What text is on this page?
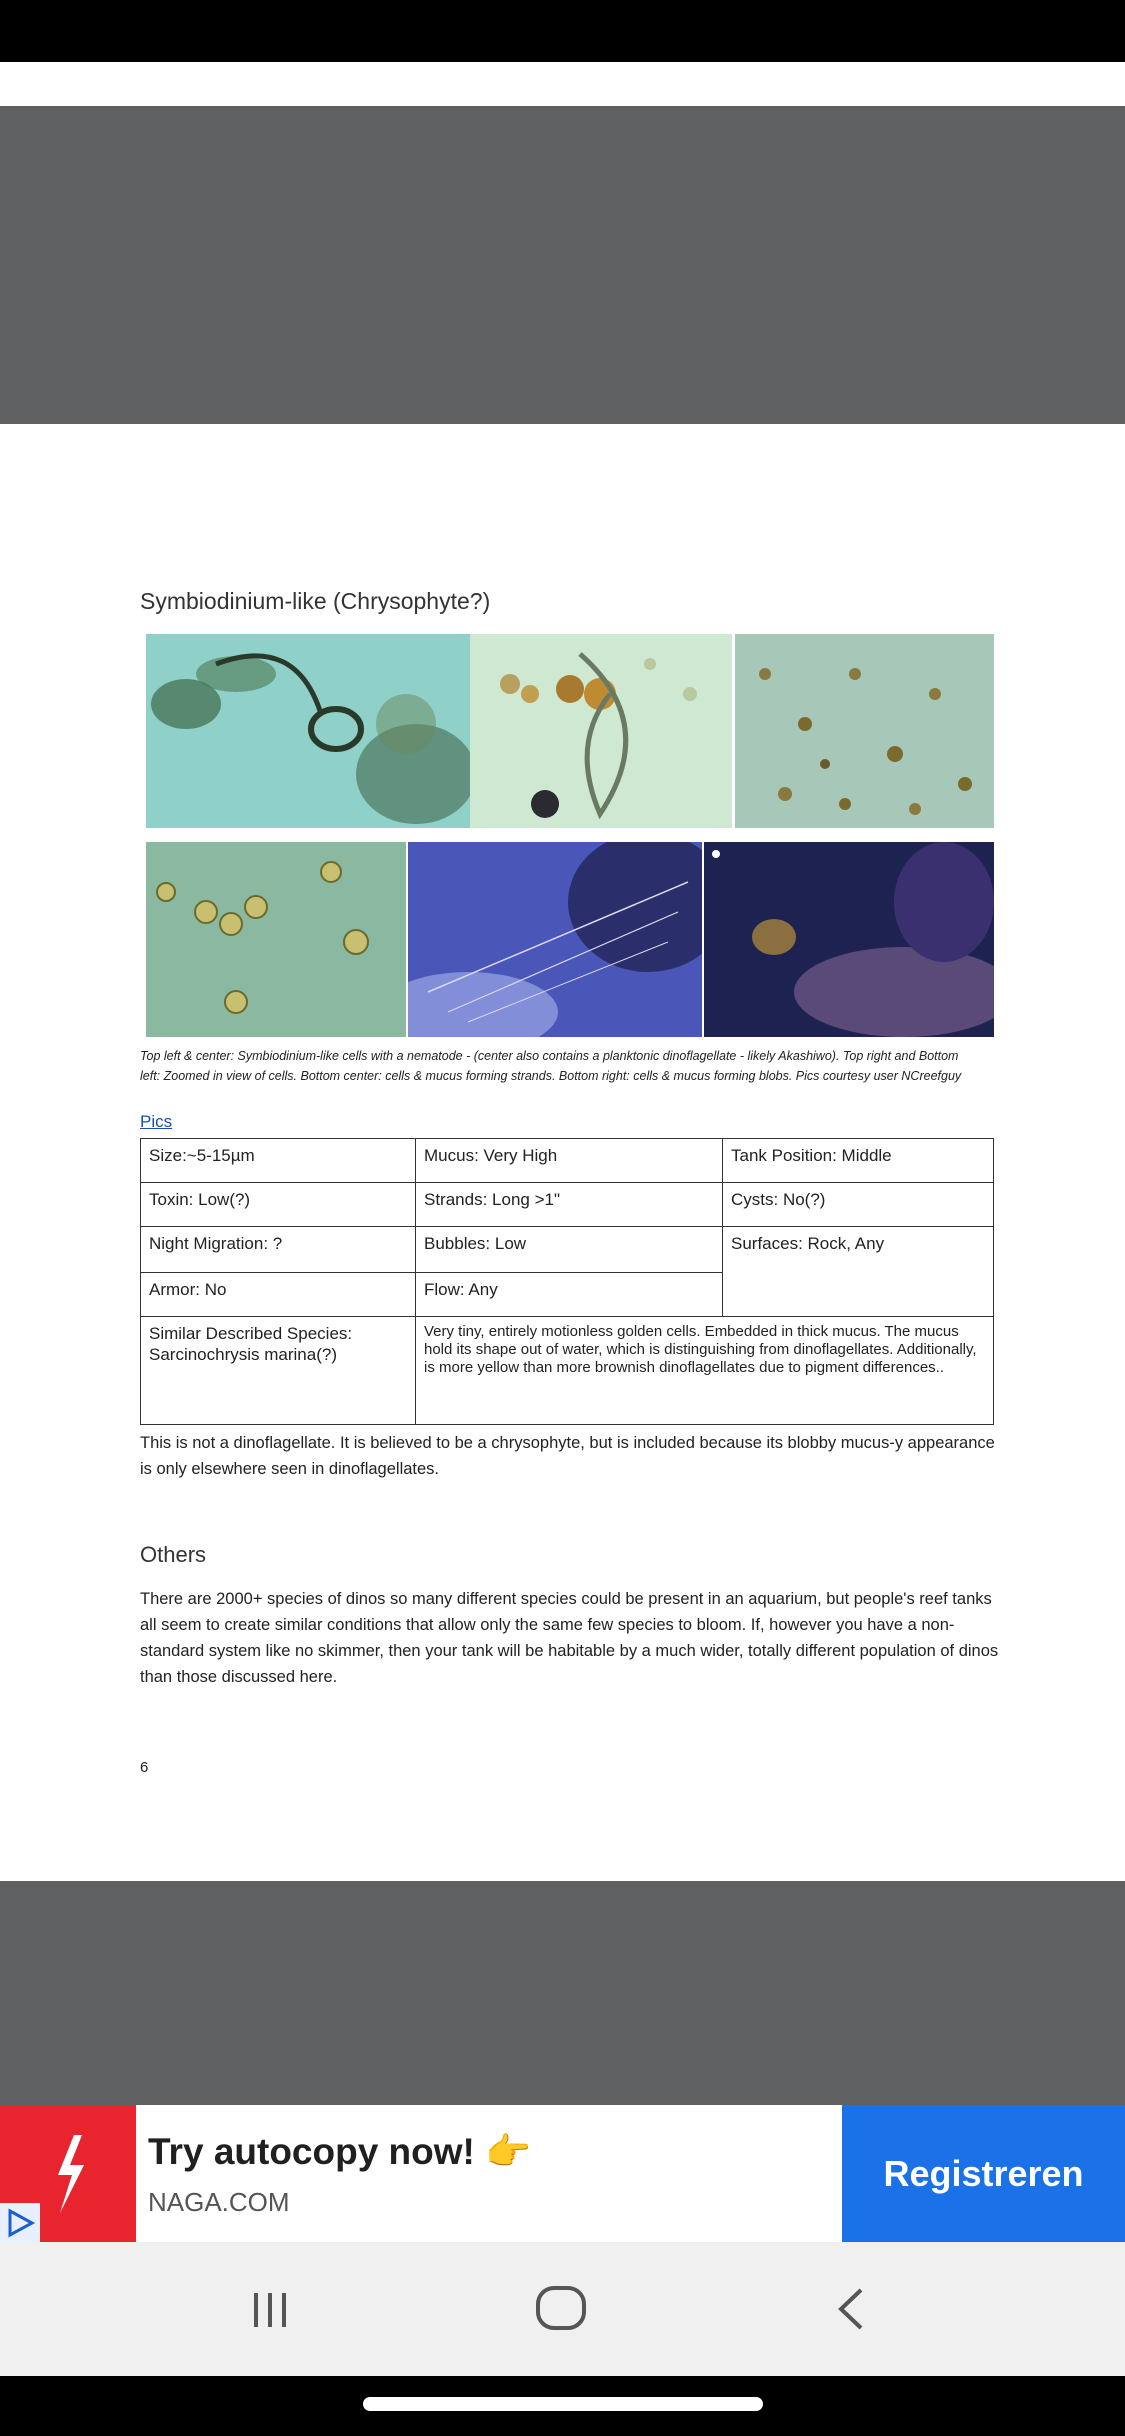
Symbiodinium-like (Chrysophyte?)
Top left & center: Symbiodinium-like cells with a nematode - (center also contains a planktonic dinoflagellate - likely Akashiwo). Top right and Bottom left: Zoomed in view of cells. Bottom center: cells & mucus forming strands. Bottom right: cells & mucus forming blobs. Pics courtesy user NCreefguy
Pics
Size:~5-15µm	Mucus: Very High	Tank Position: Middle
Toxin: Low(?)	Strands: Long >1"	Cysts: No(?)
Night Migration: ?	Bubbles: Low	Surfaces: Rock, Any
Armor: No	Flow: Any	
Similar Described Species: Sarcinochrysis marina(?)	Very tiny, entirely motionless golden cells. Embedded in thick mucus. The mucus hold its shape out of water, which is distinguishing from dinoflagellates. Additionally, is more yellow than more brownish dinoflagellates due to pigment differences..	
This is not a dinoflagellate. It is believed to be a chrysophyte, but is included because its blobby mucus-y appearance is only elsewhere seen in dinoflagellates.
Others
There are 2000+ species of dinos so many different species could be present in an aquarium, but people's reef tanks all seem to create similar conditions that allow only the same few species to bloom. If, however you have a non-standard system like no skimmer, then your tank will be habitable by a much wider, totally different population of dinos than those discussed here.
6
Try autocopy now! 👉
NAGA.COM
Registreren
